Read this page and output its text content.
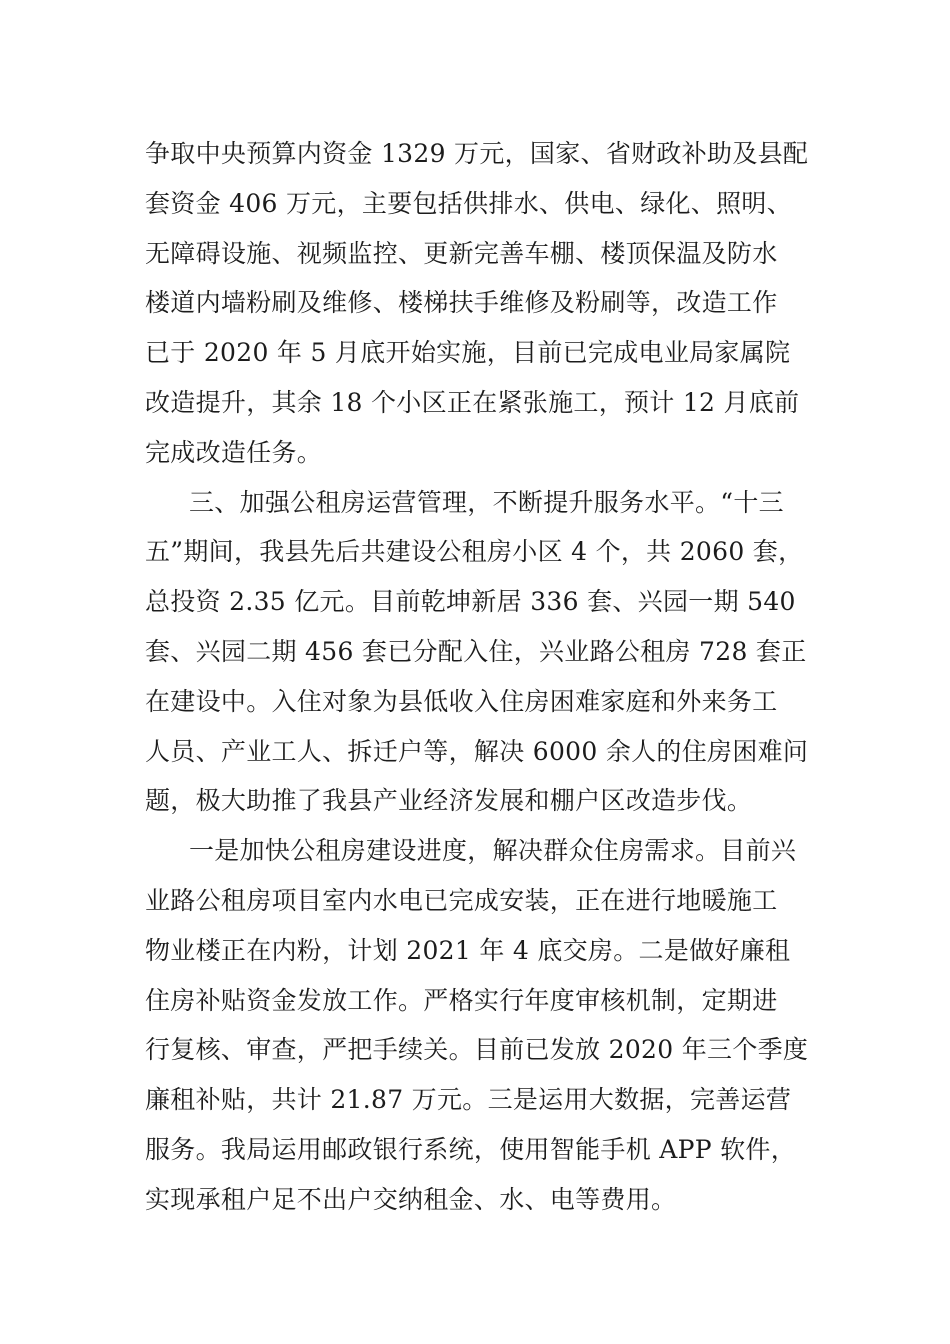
争取中央预算内资金 1329 万元，国家、省财政补助及县配
套资金 406 万元，主要包括供排水、供电、绿化、照明、
无障碍设施、视频监控、更新完善车棚、楼顶保温及防水
楼道内墙粉刷及维修、楼梯扶手维修及粉刷等，改造工作
已于 2020 年 5 月底开始实施，目前已完成电业局家属院
改造提升，其余 18 个小区正在紧张施工，预计 12 月底前
完成改造任务。
三、加强公租房运营管理，不断提升服务水平。“十三
五”期间，我县先后共建设公租房小区 4 个，共 2060 套，
总投资 2.35 亿元。目前乾坤新居 336 套、兴园一期 540
套、兴园二期 456 套已分配入住，兴业路公租房 728 套正
在建设中。入住对象为县低收入住房困难家庭和外来务工
人员、产业工人、拆迁户等，解决 6000 余人的住房困难问
题，极大助推了我县产业经济发展和棚户区改造步伐。
一是加快公租房建设进度，解决群众住房需求。目前兴
业路公租房项目室内水电已完成安装，正在进行地暖施工
物业楼正在内粉，计划 2021 年 4 底交房。二是做好廉租
住房补贴资金发放工作。严格实行年度审核机制，定期进
行复核、审查，严把手续关。目前已发放 2020 年三个季度
廉租补贴，共计 21.87 万元。三是运用大数据，完善运营
服务。我局运用邮政银行系统，使用智能手机 APP 软件，
实现承租户足不出户交纳租金、水、电等费用。
